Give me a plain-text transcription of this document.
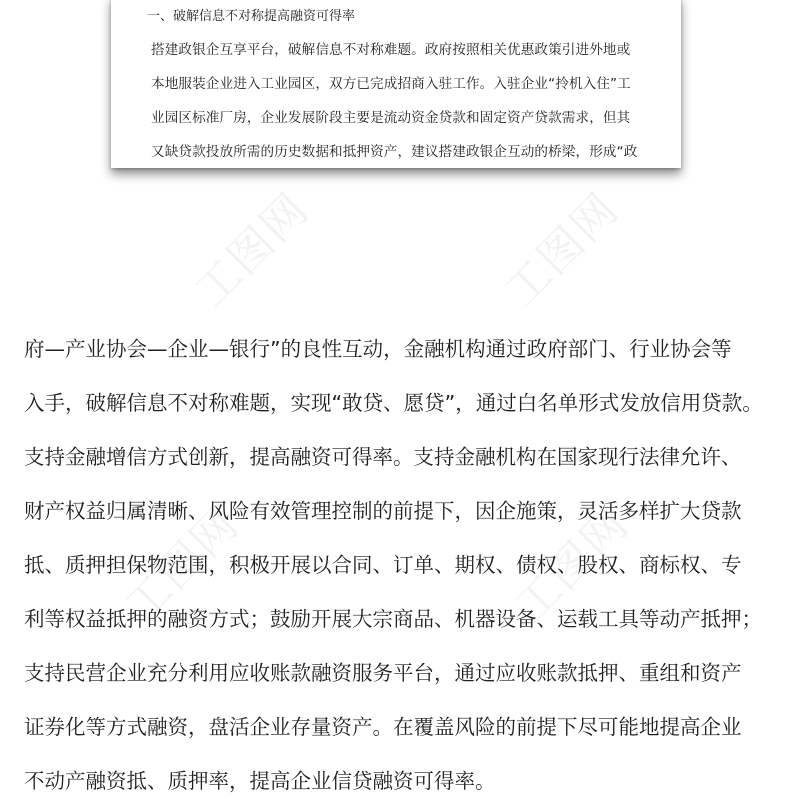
工图网	工图网
工图网	工图网
一、破解信息不对称提高融资可得率
搭建政银企互享平台，破解信息不对称难题。政府按照相关优惠政策引进外地或
本地服装企业进入工业园区，双方已完成招商入驻工作。入驻企业“拎机入住”工
业园区标准厂房，企业发展阶段主要是流动资金贷款和固定资产贷款需求，但其
又缺贷款投放所需的历史数据和抵押资产，建议搭建政银企互动的桥梁，形成“政
府—产业协会—企业—银行”的良性互动，金融机构通过政府部门、行业协会等
入手，破解信息不对称难题，实现“敢贷、愿贷”，通过白名单形式发放信用贷款。
支持金融增信方式创新，提高融资可得率。支持金融机构在国家现行法律允许、
财产权益归属清晰、风险有效管理控制的前提下，因企施策，灵活多样扩大贷款
抵、质押担保物范围，积极开展以合同、订单、期权、债权、股权、商标权、专
利等权益抵押的融资方式；鼓励开展大宗商品、机器设备、运载工具等动产抵押；
支持民营企业充分利用应收账款融资服务平台，通过应收账款抵押、重组和资产
证券化等方式融资，盘活企业存量资产。在覆盖风险的前提下尽可能地提高企业
不动产融资抵、质押率，提高企业信贷融资可得率。
